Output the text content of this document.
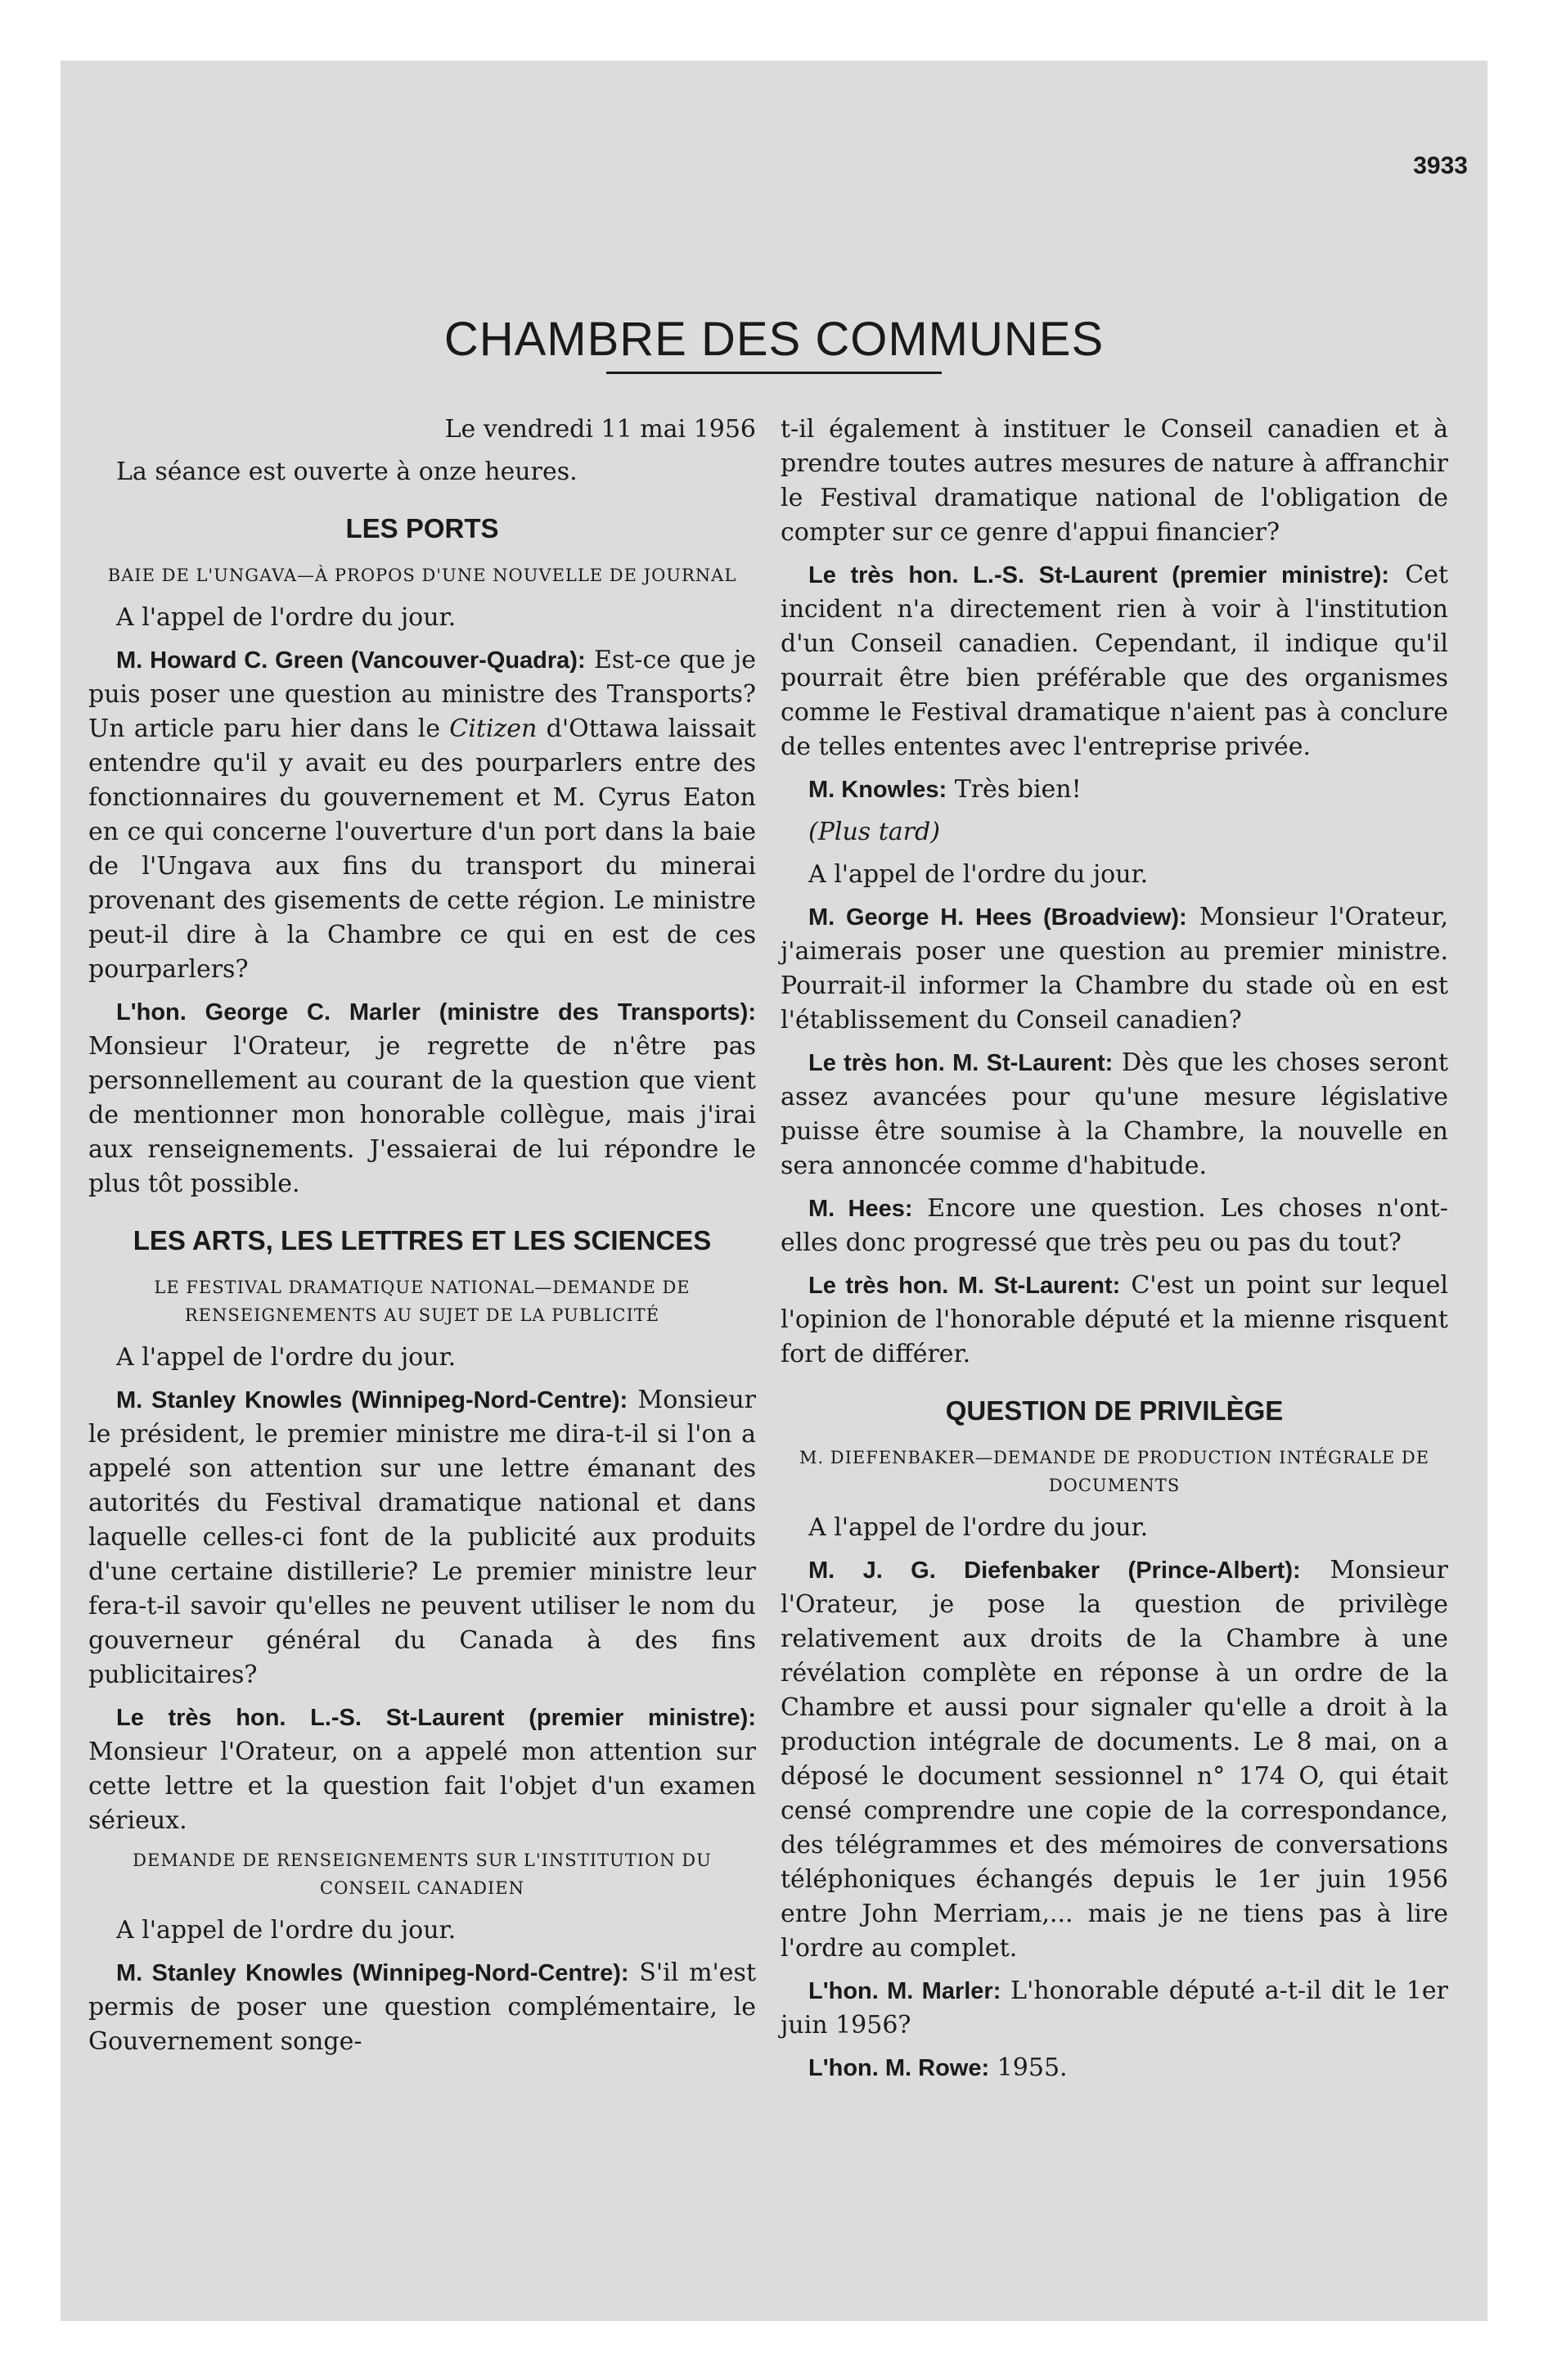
3933
CHAMBRE DES COMMUNES

Le vendredi 11 mai 1956

La séance est ouverte à onze heures.

LES PORTS
BAIE DE L'UNGAVA—À PROPOS D'UNE NOUVELLE DE JOURNAL

A l'appel de l'ordre du jour.

M. Howard C. Green (Vancouver-Quadra): Est-ce que je puis poser une question au ministre des Transports? Un article paru hier dans le Citizen d'Ottawa laissait entendre qu'il y avait eu des pourparlers entre des fonctionnaires du gouvernement et M. Cyrus Eaton en ce qui concerne l'ouverture d'un port dans la baie de l'Ungava aux fins du transport du minerai provenant des gisements de cette région. Le ministre peut-il dire à la Chambre ce qui en est de ces pourparlers?

L'hon. George C. Marler (ministre des Transports): Monsieur l'Orateur, je regrette de n'être pas personnellement au courant de la question que vient de mentionner mon honorable collègue, mais j'irai aux renseignements. J'essaierai de lui répondre le plus tôt possible.

LES ARTS, LES LETTRES ET LES SCIENCES
LE FESTIVAL DRAMATIQUE NATIONAL—DEMANDE DE RENSEIGNEMENTS AU SUJET DE LA PUBLICITÉ

A l'appel de l'ordre du jour.

M. Stanley Knowles (Winnipeg-Nord-Centre): Monsieur le président, le premier ministre me dira-t-il si l'on a appelé son attention sur une lettre émanant des autorités du Festival dramatique national et dans laquelle celles-ci font de la publicité aux produits d'une certaine distillerie? Le premier ministre leur fera-t-il savoir qu'elles ne peuvent utiliser le nom du gouverneur général du Canada à des fins publicitaires?

Le très hon. L.-S. St-Laurent (premier ministre): Monsieur l'Orateur, on a appelé mon attention sur cette lettre et la question fait l'objet d'un examen sérieux.

DEMANDE DE RENSEIGNEMENTS SUR L'INSTITUTION DU CONSEIL CANADIEN

A l'appel de l'ordre du jour.

M. Stanley Knowles (Winnipeg-Nord-Centre): S'il m'est permis de poser une question complémentaire, le Gouvernement songe-

t-il également à instituer le Conseil canadien et à prendre toutes autres mesures de nature à affranchir le Festival dramatique national de l'obligation de compter sur ce genre d'appui financier?

Le très hon. L.-S. St-Laurent (premier ministre): Cet incident n'a directement rien à voir à l'institution d'un Conseil canadien. Cependant, il indique qu'il pourrait être bien préférable que des organismes comme le Festival dramatique n'aient pas à conclure de telles ententes avec l'entreprise privée.

M. Knowles: Très bien!

(Plus tard)

A l'appel de l'ordre du jour.

M. George H. Hees (Broadview): Monsieur l'Orateur, j'aimerais poser une question au premier ministre. Pourrait-il informer la Chambre du stade où en est l'établissement du Conseil canadien?

Le très hon. M. St-Laurent: Dès que les choses seront assez avancées pour qu'une mesure législative puisse être soumise à la Chambre, la nouvelle en sera annoncée comme d'habitude.

M. Hees: Encore une question. Les choses n'ont-elles donc progressé que très peu ou pas du tout?

Le très hon. M. St-Laurent: C'est un point sur lequel l'opinion de l'honorable député et la mienne risquent fort de différer.

QUESTION DE PRIVILÈGE
M. DIEFENBAKER—DEMANDE DE PRODUCTION INTÉGRALE DE DOCUMENTS

A l'appel de l'ordre du jour.

M. J. G. Diefenbaker (Prince-Albert): Monsieur l'Orateur, je pose la question de privilège relativement aux droits de la Chambre à une révélation complète en réponse à un ordre de la Chambre et aussi pour signaler qu'elle a droit à la production intégrale de documents. Le 8 mai, on a déposé le document sessionnel n° 174 O, qui était censé comprendre une copie de la correspondance, des télégrammes et des mémoires de conversations téléphoniques échangés depuis le 1er juin 1956 entre John Merriam,... mais je ne tiens pas à lire l'ordre au complet.

L'hon. M. Marler: L'honorable député a-t-il dit le 1er juin 1956?

L'hon. M. Rowe: 1955.
